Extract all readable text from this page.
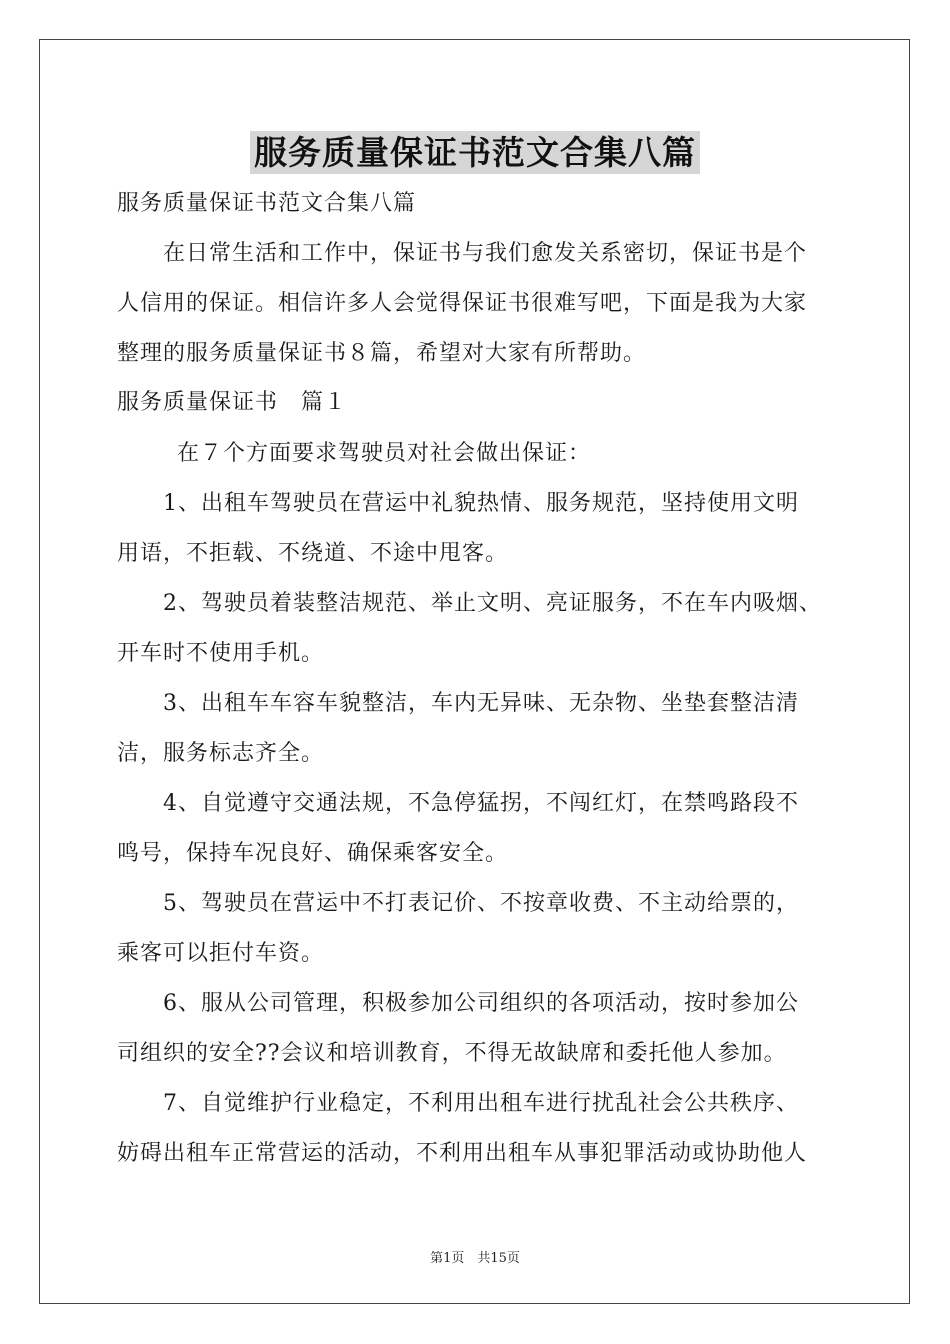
服务质量保证书范文合集八篇
服务质量保证书范文合集八篇
在日常生活和工作中，保证书与我们愈发关系密切，保证书是个
人信用的保证。相信许多人会觉得保证书很难写吧，下面是我为大家
整理的服务质量保证书８篇，希望对大家有所帮助。
服务质量保证书　篇１
在７个方面要求驾驶员对社会做出保证：
1、出租车驾驶员在营运中礼貌热情、服务规范，坚持使用文明
用语，不拒载、不绕道、不途中甩客。
2、驾驶员着装整洁规范、举止文明、亮证服务，不在车内吸烟、
开车时不使用手机。
3、出租车车容车貌整洁，车内无异味、无杂物、坐垫套整洁清
洁，服务标志齐全。
4、自觉遵守交通法规，不急停猛拐，不闯红灯，在禁鸣路段不
鸣号，保持车况良好、确保乘客安全。
5、驾驶员在营运中不打表记价、不按章收费、不主动给票的，
乘客可以拒付车资。
6、服从公司管理，积极参加公司组织的各项活动，按时参加公
司组织的安全??会议和培训教育，不得无故缺席和委托他人参加。
7、自觉维护行业稳定，不利用出租车进行扰乱社会公共秩序、
妨碍出租车正常营运的活动，不利用出租车从事犯罪活动或协助他人
第1页　共15页
